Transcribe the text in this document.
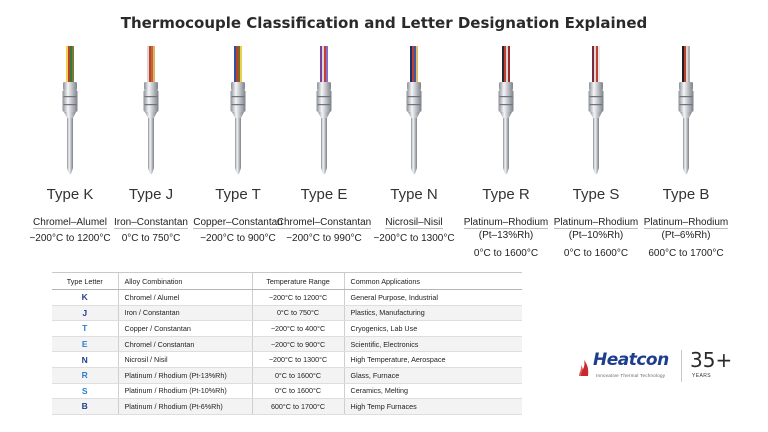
Thermocouple Classification and Letter Designation Explained
Type K
Chromel–Alumel
−200°C to 1200°C
Type J
Iron–Constantan
0°C to 750°C
Type T
Copper–Constantan
−200°C to 900°C
Type E
Chromel–Constantan
−200°C to 990°C
Type N
Nicrosil–Nisil
−200°C to 1300°C
Type R
Platinum–Rhodium
(Pt–13%Rh)
0°C to 1600°C
Type S
Platinum–Rhodium
(Pt–10%Rh)
0°C to 1600°C
Type B
Platinum–Rhodium
(Pt–6%Rh)
600°C to 1700°C
Type Letter	Alloy Combination	Temperature Range	Common Applications
K	Chromel / Alumel	−200°C to 1200°C	General Purpose, Industrial
J	Iron / Constantan	0°C to 750°C	Plastics, Manufacturing
T	Copper / Constantan	−200°C to 400°C	Cryogenics, Lab Use
E	Chromel / Constantan	−200°C to 900°C	Scientific, Electronics
N	Nicrosil / Nisil	−200°C to 1300°C	High Temperature, Aerospace
R	Platinum / Rhodium (Pt-13%Rh)	0°C to 1600°C	Glass, Furnace
S	Platinum / Rhodium (Pt-10%Rh)	0°C to 1600°C	Ceramics, Melting
B	Platinum / Rhodium (Pt-6%Rh)	600°C to 1700°C	High Temp Furnaces
Heatcon
Innovative Thermal Technology
35+
YEARS
